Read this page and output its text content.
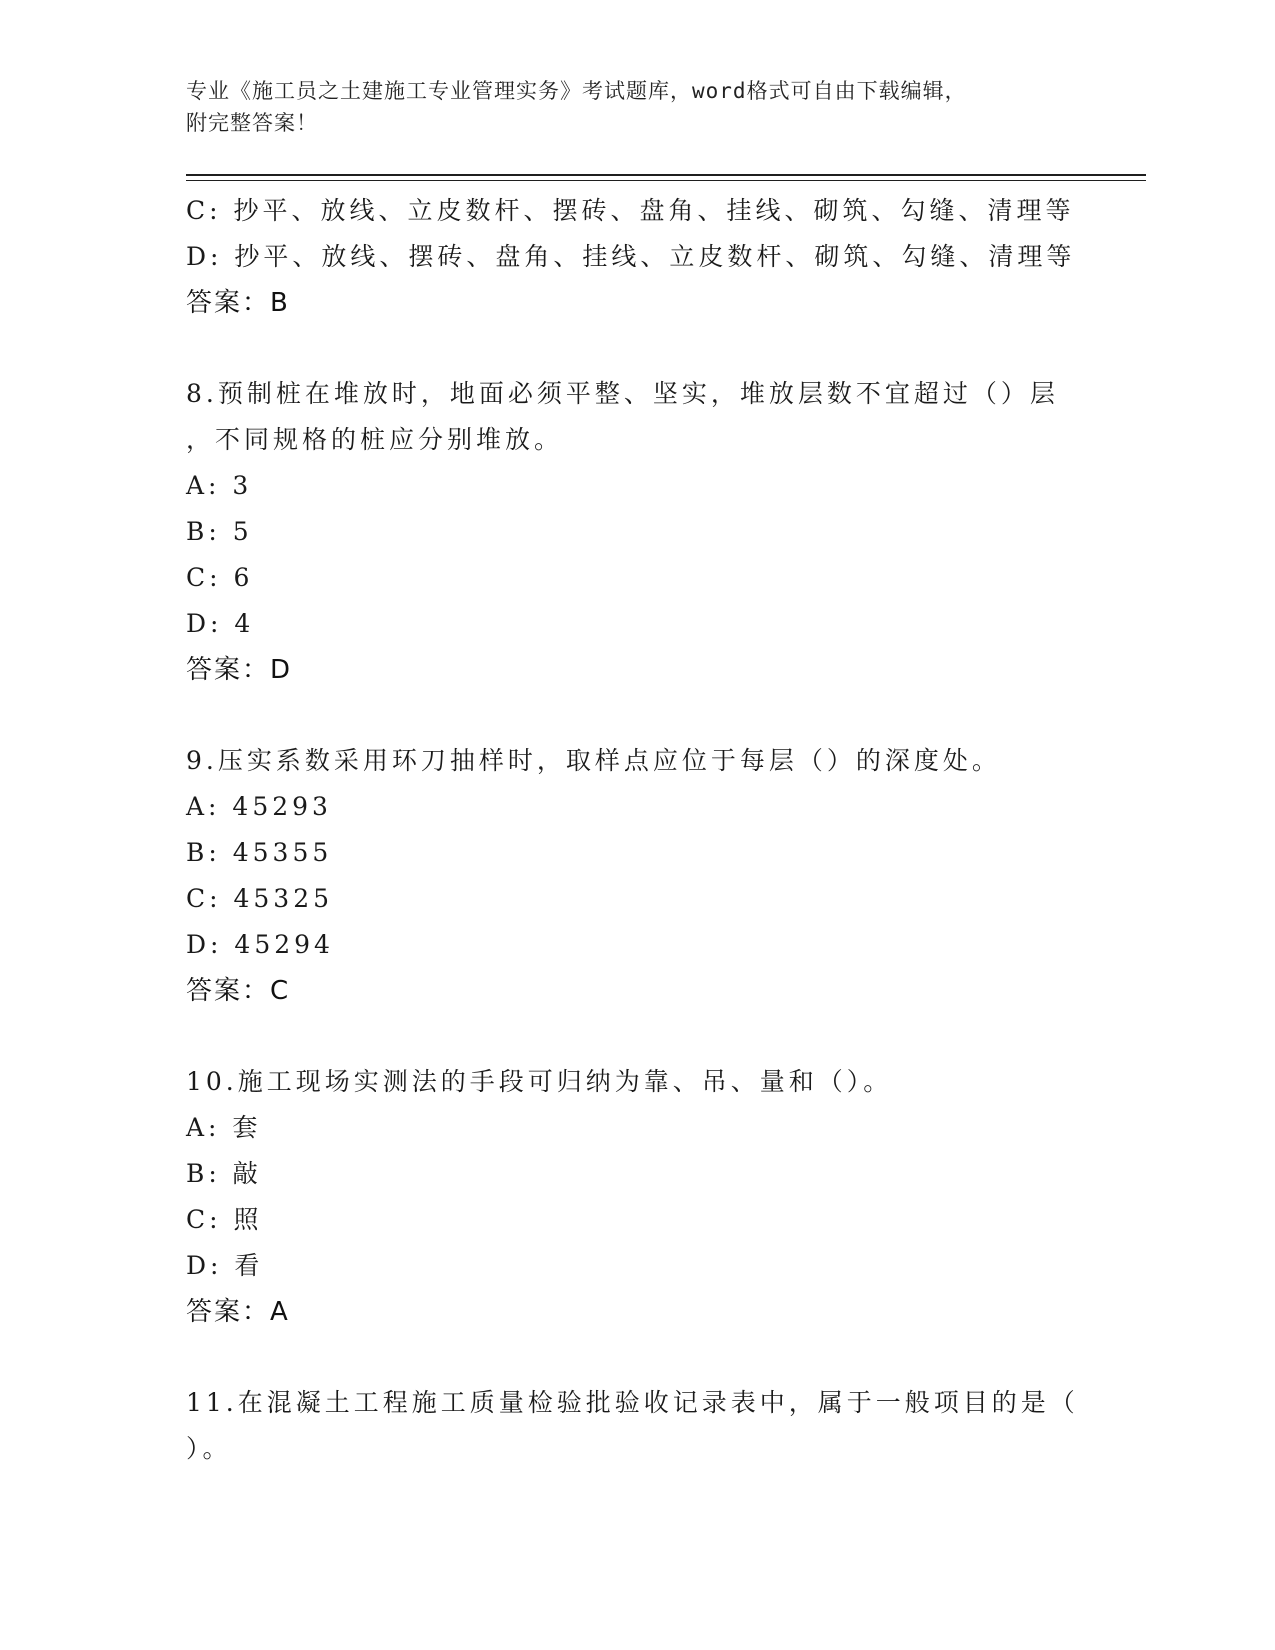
专业《施工员之土建施工专业管理实务》考试题库，word格式可自由下载编辑，
附完整答案！
C: 抄平、放线、立皮数杆、摆砖、盘角、挂线、砌筑、勾缝、清理等
D: 抄平、放线、摆砖、盘角、挂线、立皮数杆、砌筑、勾缝、清理等
答案：B
8.预制桩在堆放时，地面必须平整、坚实，堆放层数不宜超过（）层
，不同规格的桩应分别堆放。
A: 3
B: 5
C: 6
D: 4
答案：D
9.压实系数采用环刀抽样时，取样点应位于每层（）的深度处。
A: 45293
B: 45355
C: 45325
D: 45294
答案：C
10.施工现场实测法的手段可归纳为靠、吊、量和（）。
A: 套
B: 敲
C: 照
D: 看
答案：A
11.在混凝土工程施工质量检验批验收记录表中，属于一般项目的是（
）。
